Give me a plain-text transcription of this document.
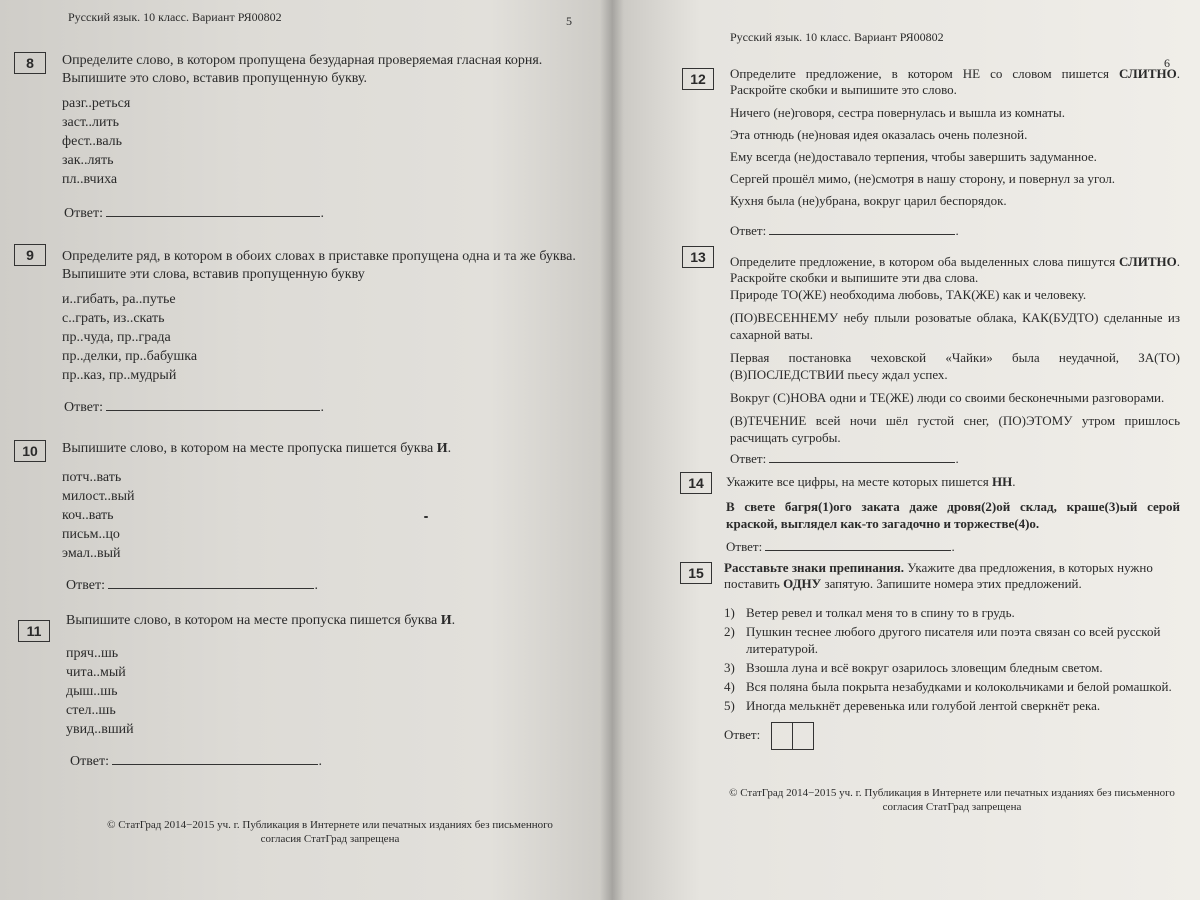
Русский язык. 10 класс. Вариант РЯ00802	5
8	Определите слово, в котором пропущена безударная проверяемая гласная корня. Выпишите это слово, вставив пропущенную букву.

разг..реться

заст..лить

фест..валь

зак..лять

пл..вчиха

Ответ:	.
9	Определите ряд, в котором в обоих словах в приставке пропущена одна и та же буква. Выпишите эти слова, вставив пропущенную букву

и..гибать, ра..путье

с..грать, из..скать

пр..чуда, пр..града

пр..делки, пр..бабушка

пр..каз, пр..мудрый

Ответ:	.
10	Выпишите слово, в котором на месте пропуска пишется буква И.

потч..вать

милост..вый

коч..вать

письм..цо

эмал..вый

Ответ:	.
11

Выпишите слово, в котором на месте пропуска пишется буква И.

пряч..шь

чита..мый

дыш..шь

стел..шь

увид..вший

Ответ:	.
© СтатГрад 2014−2015 уч. г. Публикация в Интернете или печатных изданиях без письменного
согласия СтатГрад запрещена
Русский язык. 10 класс. Вариант РЯ00802
6
12	Определите предложение, в котором НЕ со словом пишется СЛИТНО. Раскройте скобки и выпишите это слово.

Ничего (не)говоря, сестра повернулась и вышла из комнаты.

Эта отнюдь (не)новая идея оказалась очень полезной.

Ему всегда (не)доставало терпения, чтобы завершить задуманное.

Сергей прошёл мимо, (не)смотря в нашу сторону, и повернул за угол.

Кухня была (не)убрана, вокруг царил беспорядок.

Ответ:	.
13	Определите предложение, в котором оба выделенных слова пишутся СЛИТНО. Раскройте скобки и выпишите эти два слова.

Природе ТО(ЖЕ) необходима любовь, ТАК(ЖЕ) как и человеку.

(ПО)ВЕСЕННЕМУ небу плыли розоватые облака, КАК(БУДТО) сделанные из сахарной ваты.

Первая постановка чеховской «Чайки» была неудачной, ЗА(ТО) (В)ПОСЛЕДСТВИИ пьесу ждал успех.

Вокруг (С)НОВА одни и ТЕ(ЖЕ) люди со своими бесконечными разговорами.

(В)ТЕЧЕНИЕ всей ночи шёл густой снег, (ПО)ЭТОМУ утром пришлось расчищать сугробы.

Ответ:	.
14	Укажите все цифры, на месте которых пишется НН.

В свете багря(1)ого заката даже дровя(2)ой склад, краше(3)ый серой краской, выглядел как-то загадочно и торжестве(4)о.

Ответ:	.
15	Расставьте знаки препинания. Укажите два предложения, в которых нужно поставить ОДНУ запятую. Запишите номера этих предложений.

1) Ветер ревел и толкал меня то в спину то в грудь.
2) Пушкин теснее любого другого писателя или поэта связан со всей русской литературой.
3) Взошла луна и всё вокруг озарилось зловещим бледным светом.
4) Вся поляна была покрыта незабудками и колокольчиками и белой ромашкой.
5) Иногда мелькнёт деревенька или голубой лентой сверкнёт река.
Ответ:
© СтатГрад 2014−2015 уч. г. Публикация в Интернете или печатных изданиях без письменного
согласия СтатГрад запрещена
